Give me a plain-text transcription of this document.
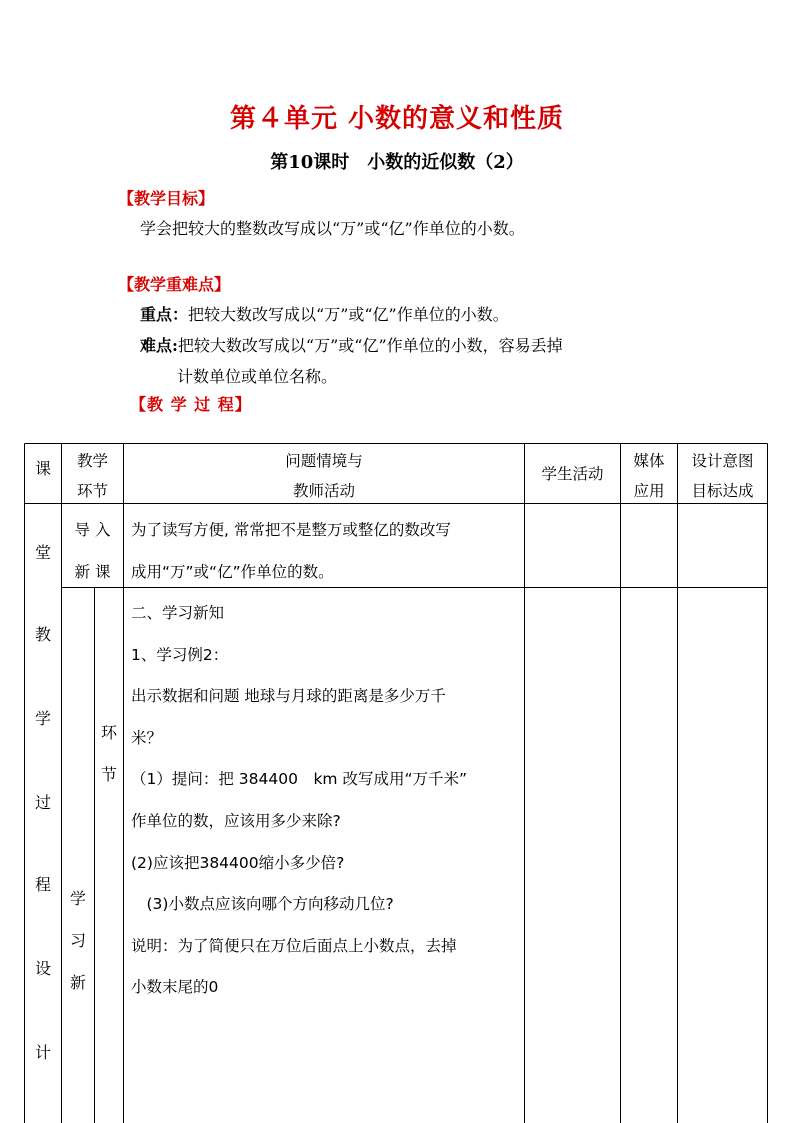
第４单元 小数的意义和性质
第10课时　小数的近似数（2）
【教学目标】
学会把较大的整数改写成以“万”或“亿”作单位的小数。
【教学重难点】
重点：把较大数改写成以“万”或“亿”作单位的小数。
难点:把较大数改写成以“万”或“亿”作单位的小数，容易丢掉
计数单位或单位名称。
【教 学 过 程】
课
堂
教
学
过
程
设
计
教学
环节
问题情境与
教师活动
学生活动
媒体
应用
设计意图
目标达成
导 入
新 课
为了读写方便, 常常把不是整万或整亿的数改写
成用“万”或“亿”作单位的数。
学
习
新
环
节
二、学习新知
1、学习例2：
出示数据和问题 地球与月球的距离是多少万千
米？
（1）提问：把 384400　km 改写成用“万千米”
作单位的数，应该用多少来除?
(2)应该把384400缩小多少倍?
　(3)小数点应该向哪个方向移动几位?
说明：为了简便只在万位后面点上小数点，去掉
小数末尾的0
